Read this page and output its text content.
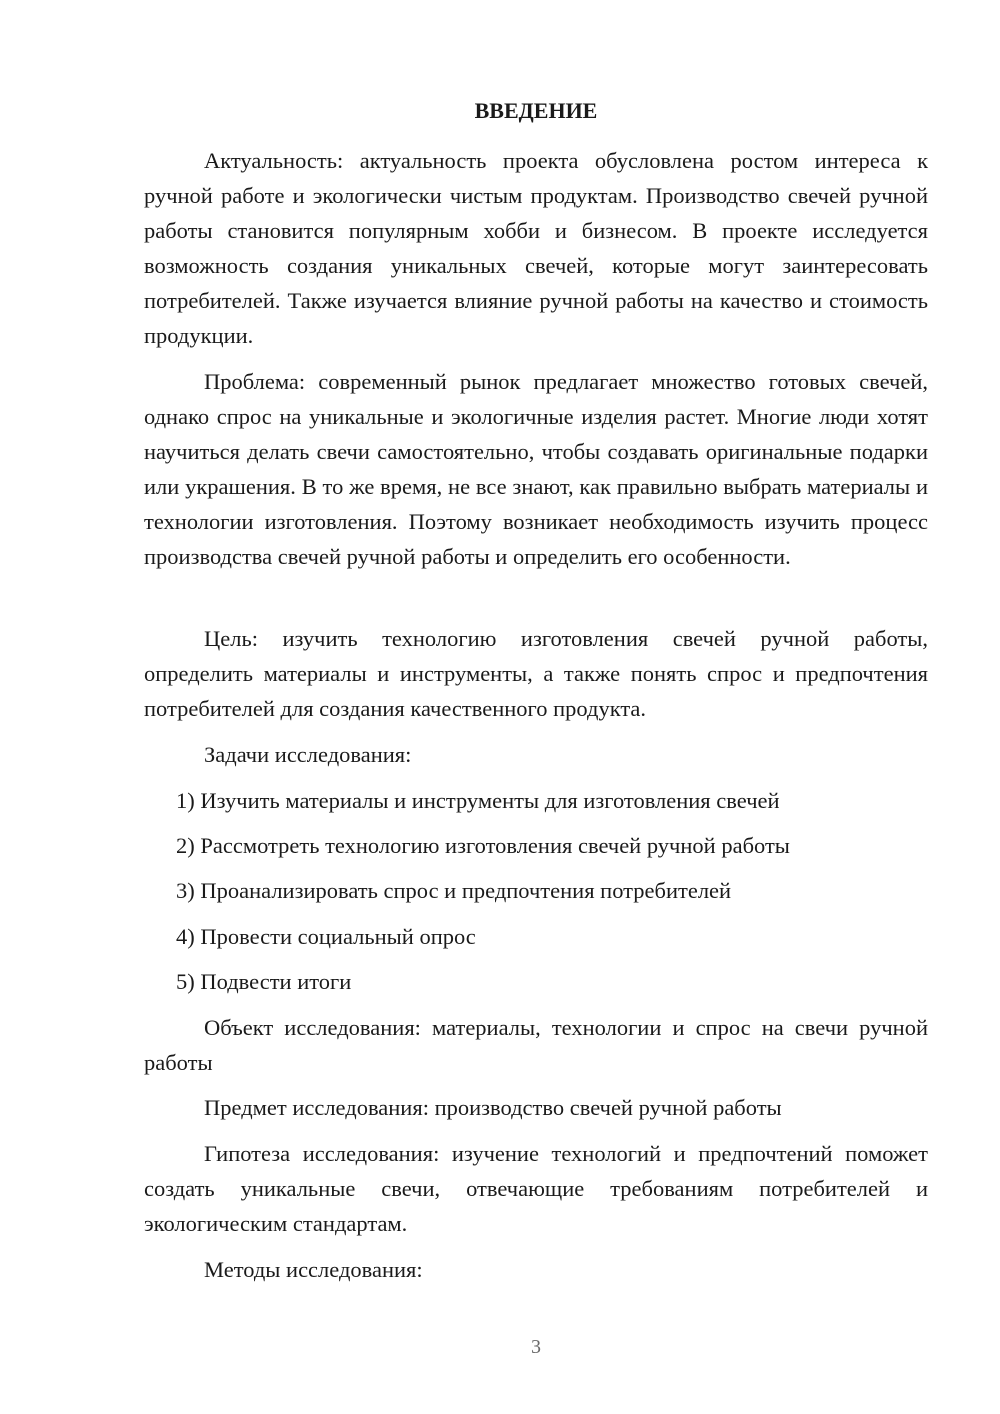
ВВЕДЕНИЕ

Актуальность: актуальность проекта обусловлена ростом интереса к ручной работе и экологически чистым продуктам. Производство свечей ручной работы становится популярным хобби и бизнесом. В проекте исследуется возможность создания уникальных свечей, которые могут заинтересовать потребителей. Также изучается влияние ручной работы на качество и стоимость продукции.

Проблема: современный рынок предлагает множество готовых свечей, однако спрос на уникальные и экологичные изделия растет. Многие люди хотят научиться делать свечи самостоятельно, чтобы создавать оригинальные подарки или украшения. В то же время, не все знают, как правильно выбрать материалы и технологии изготовления. Поэтому возникает необходимость изучить процесс производства свечей ручной работы и определить его особенности.

Цель: изучить технологию изготовления свечей ручной работы, определить материалы и инструменты, а также понять спрос и предпочтения потребителей для создания качественного продукта.

Задачи исследования:

1) Изучить материалы и инструменты для изготовления свечей

2) Рассмотреть технологию изготовления свечей ручной работы

3) Проанализировать спрос и предпочтения потребителей

4) Провести социальный опрос

5) Подвести итоги

Объект исследования: материалы, технологии и спрос на свечи ручной работы

Предмет исследования: производство свечей ручной работы

Гипотеза исследования: изучение технологий и предпочтений поможет создать уникальные свечи, отвечающие требованиям потребителей и экологическим стандартам.

Методы исследования:

3
